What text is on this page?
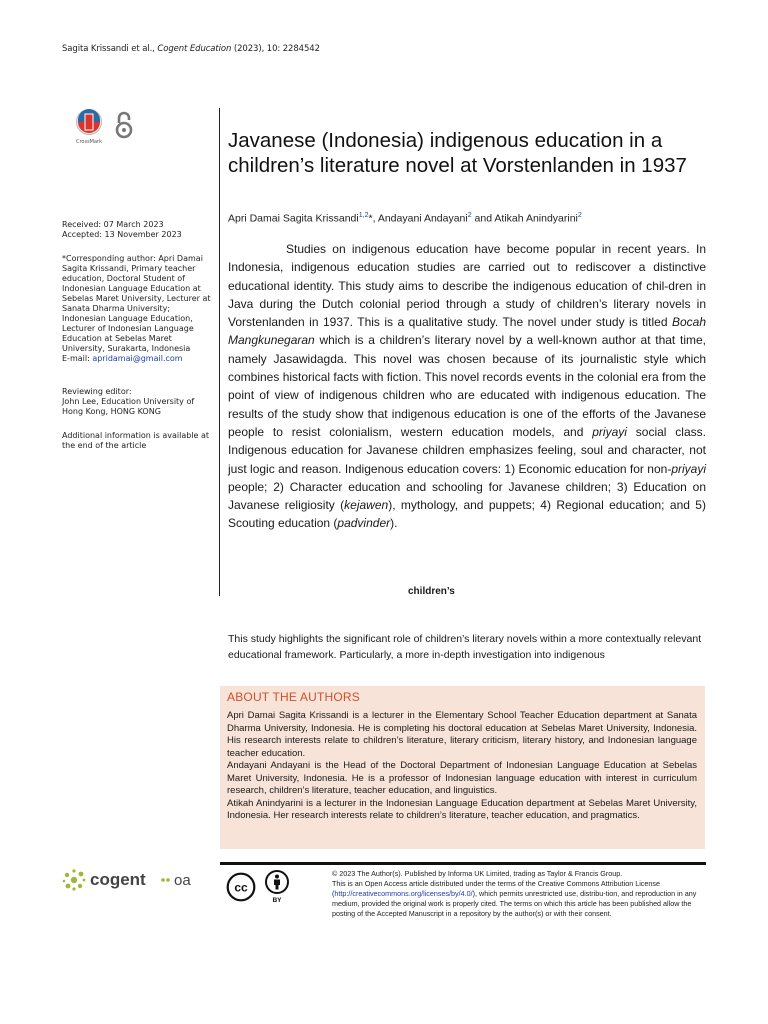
Sagita Krissandi et al., Cogent Education (2023), 10: 2284542
CrossMark

Received: 07 March 2023

Accepted: 13 November 2023

*Corresponding author: Apri Damai Sagita Krissandi, Primary teacher education, Doctoral Student of Indonesian Language Education at Sebelas Maret University, Lecturer at Sanata Dharma University; Indonesian Language Education, Lecturer of Indonesian Language Education at Sebelas Maret University, Surakarta, Indonesia

E-mail: apridamai@gmail.com

Reviewing editor:

John Lee, Education University of Hong Kong, HONG KONG

Additional information is available at the end of the article

Javanese (Indonesia) indigenous education in a children’s literature novel at Vorstenlanden in 1937
Apri Damai Sagita Krissandi$^{1,2}$*, Andayani Andayani$^2$ and Atikah Anindyarini$^2$
Studies on indigenous education have become popular in recent years. In Indonesia, indigenous education studies are carried out to rediscover a distinctive educational identity. This study aims to describe the indigenous education of chil-dren in Java during the Dutch colonial period through a study of children’s literary novels in Vorstenlanden in 1937. This is a qualitative study. The novel under study is titled Bocah Mangkunegaran which is a children’s literary novel by a well-known author at that time, namely Jasawidagda. This novel was chosen because of its journalistic style which combines historical facts with fiction. This novel records events in the colonial era from the point of view of indigenous children who are educated with indigenous education. The results of the study show that indigenous education is one of the efforts of the Javanese people to resist colonialism, western education models, and priyayi social class. Indigenous education for Javanese children emphasizes feeling, soul and character, not just logic and reason. Indigenous education covers: 1) Economic education for non-priyayi people; 2) Character education and schooling for Javanese children; 3) Education on Javanese religiosity (kejawen), mythology, and puppets; 4) Regional education; and 5) Scouting education (padvinder).
children’s
This study highlights the significant role of children’s literary novels within a more contextually relevant educational framework. Particularly, a more in-depth investigation into indigenous
ABOUT THE AUTHORS

Apri Damai Sagita Krissandi is a lecturer in the Elementary School Teacher Education department at Sanata Dharma University, Indonesia. He is completing his doctoral education at Sebelas Maret University, Indonesia. His research interests relate to children’s literature, literary criticism, literary history, and Indonesian language teacher education.

Andayani Andayani is the Head of the Doctoral Department of Indonesian Language Education at Sebelas Maret University, Indonesia. He is a professor of Indonesian language education with interest in curriculum research, children’s literature, teacher education, and linguistics.

Atikah Anindyarini is a lecturer in the Indonesian Language Education department at Sebelas Maret University, Indonesia. Her research interests relate to children’s literature, teacher education, and pragmatics.

cogent oa	cc
BY
© 2023 The Author(s). Published by Informa UK Limited, trading as Taylor & Francis Group.
This is an Open Access article distributed under the terms of the Creative Commons Attribution License (http://creativecommons.org/licenses/by/4.0/), which permits unrestricted use, distribu-tion, and reproduction in any medium, provided the original work is properly cited. The terms on which this article has been published allow the posting of the Accepted Manuscript in a repository by the author(s) or with their consent.
